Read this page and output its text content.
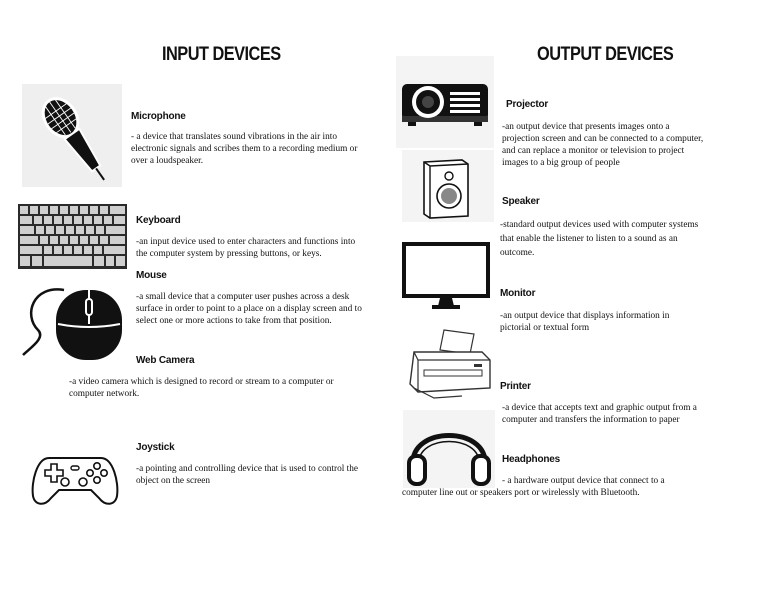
INPUT DEVICES
Microphone
- a device that translates sound vibrations in the air into electronic signals and scribes them to a recording medium or over a loudspeaker.
Keyboard
-an input device used to enter characters and functions into the computer system by pressing buttons, or keys.
Mouse
-a small device that a computer user pushes across a desk surface in order to point to a place on a display screen and to select one or more actions to take from that position.
Web Camera
-a video camera which is designed to record or stream to a computer or computer network.
Joystick
-a pointing and controlling device that is used to control the object on the screen
OUTPUT DEVICES
Projector
-an output device that presents images onto a projection screen and can be connected to a computer, and can replace a monitor or television to project images to a big group of people
Speaker
-standard output devices used with computer systems that enable the listener to listen to a sound as an outcome.
Monitor
-an output device that displays information in pictorial or textual form
Printer
-a device that accepts text and graphic output from a computer and transfers the information to paper
Headphones
- a hardware output device that connect to a computer line out or speakers port or wirelessly with Bluetooth.
